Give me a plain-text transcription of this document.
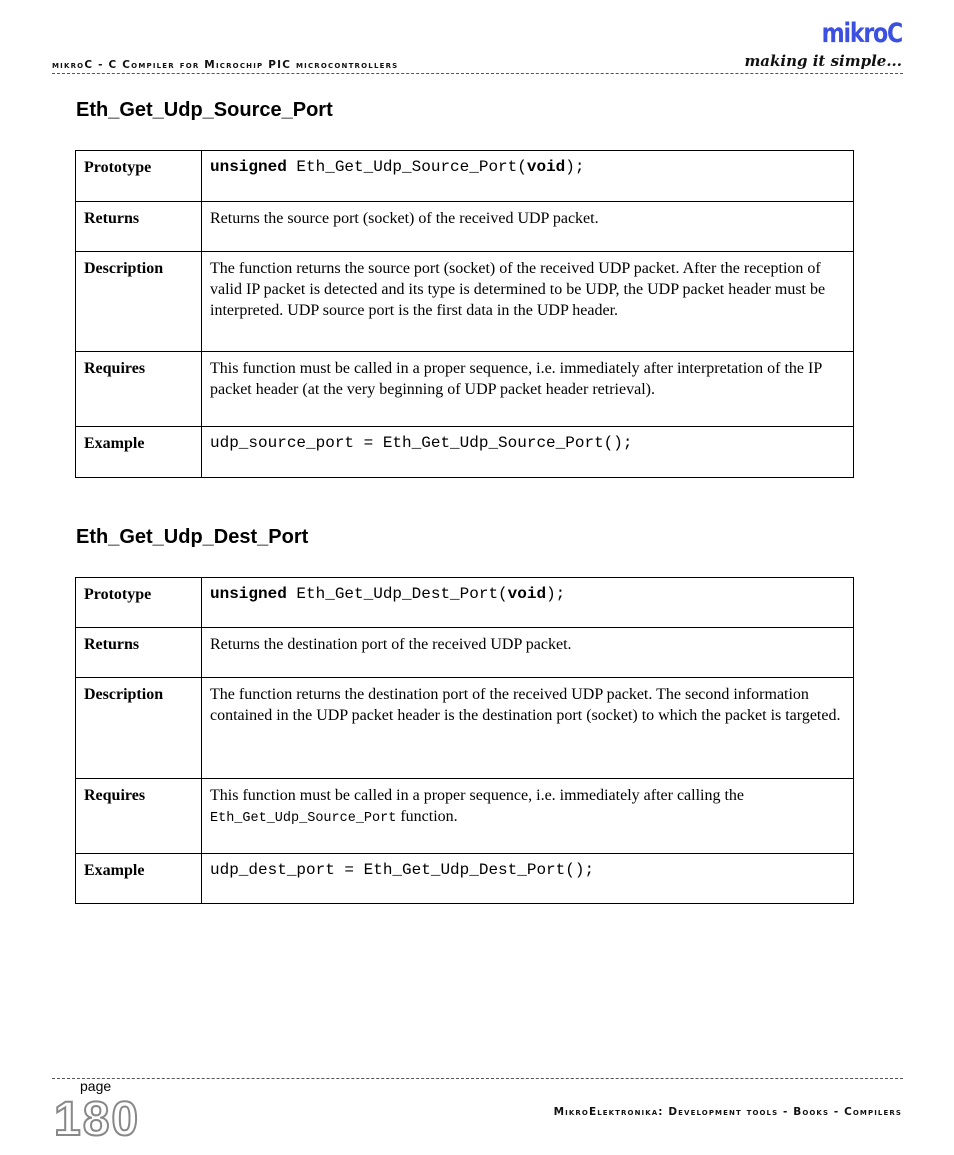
mikroC - C Compiler for Microchip PIC microcontrollers
mikroC
making it simple...
Eth_Get_Udp_Source_Port
Prototype	unsigned Eth_Get_Udp_Source_Port(void);
Returns	Returns the source port (socket) of the received UDP packet.
Description	The function returns the source port (socket) of the received UDP packet. After the reception of valid IP packet is detected and its type is determined to be UDP, the UDP packet header must be interpreted. UDP source port is the first data in the UDP header.
Requires	This function must be called in a proper sequence, i.e. immediately after interpretation of the IP packet header (at the very beginning of UDP packet header retrieval).
Example	udp_source_port = Eth_Get_Udp_Source_Port();
Eth_Get_Udp_Dest_Port
Prototype	unsigned Eth_Get_Udp_Dest_Port(void);
Returns	Returns the destination port of the received UDP packet.
Description	The function returns the destination port of the received UDP packet. The second information contained in the UDP packet header is the destination port (socket) to which the packet is targeted.
Requires	This function must be called in a proper sequence, i.e. immediately after calling the Eth_Get_Udp_Source_Port function.
Example	udp_dest_port = Eth_Get_Udp_Dest_Port();
page
180	MikroElektronika: Development tools - Books - Compilers
